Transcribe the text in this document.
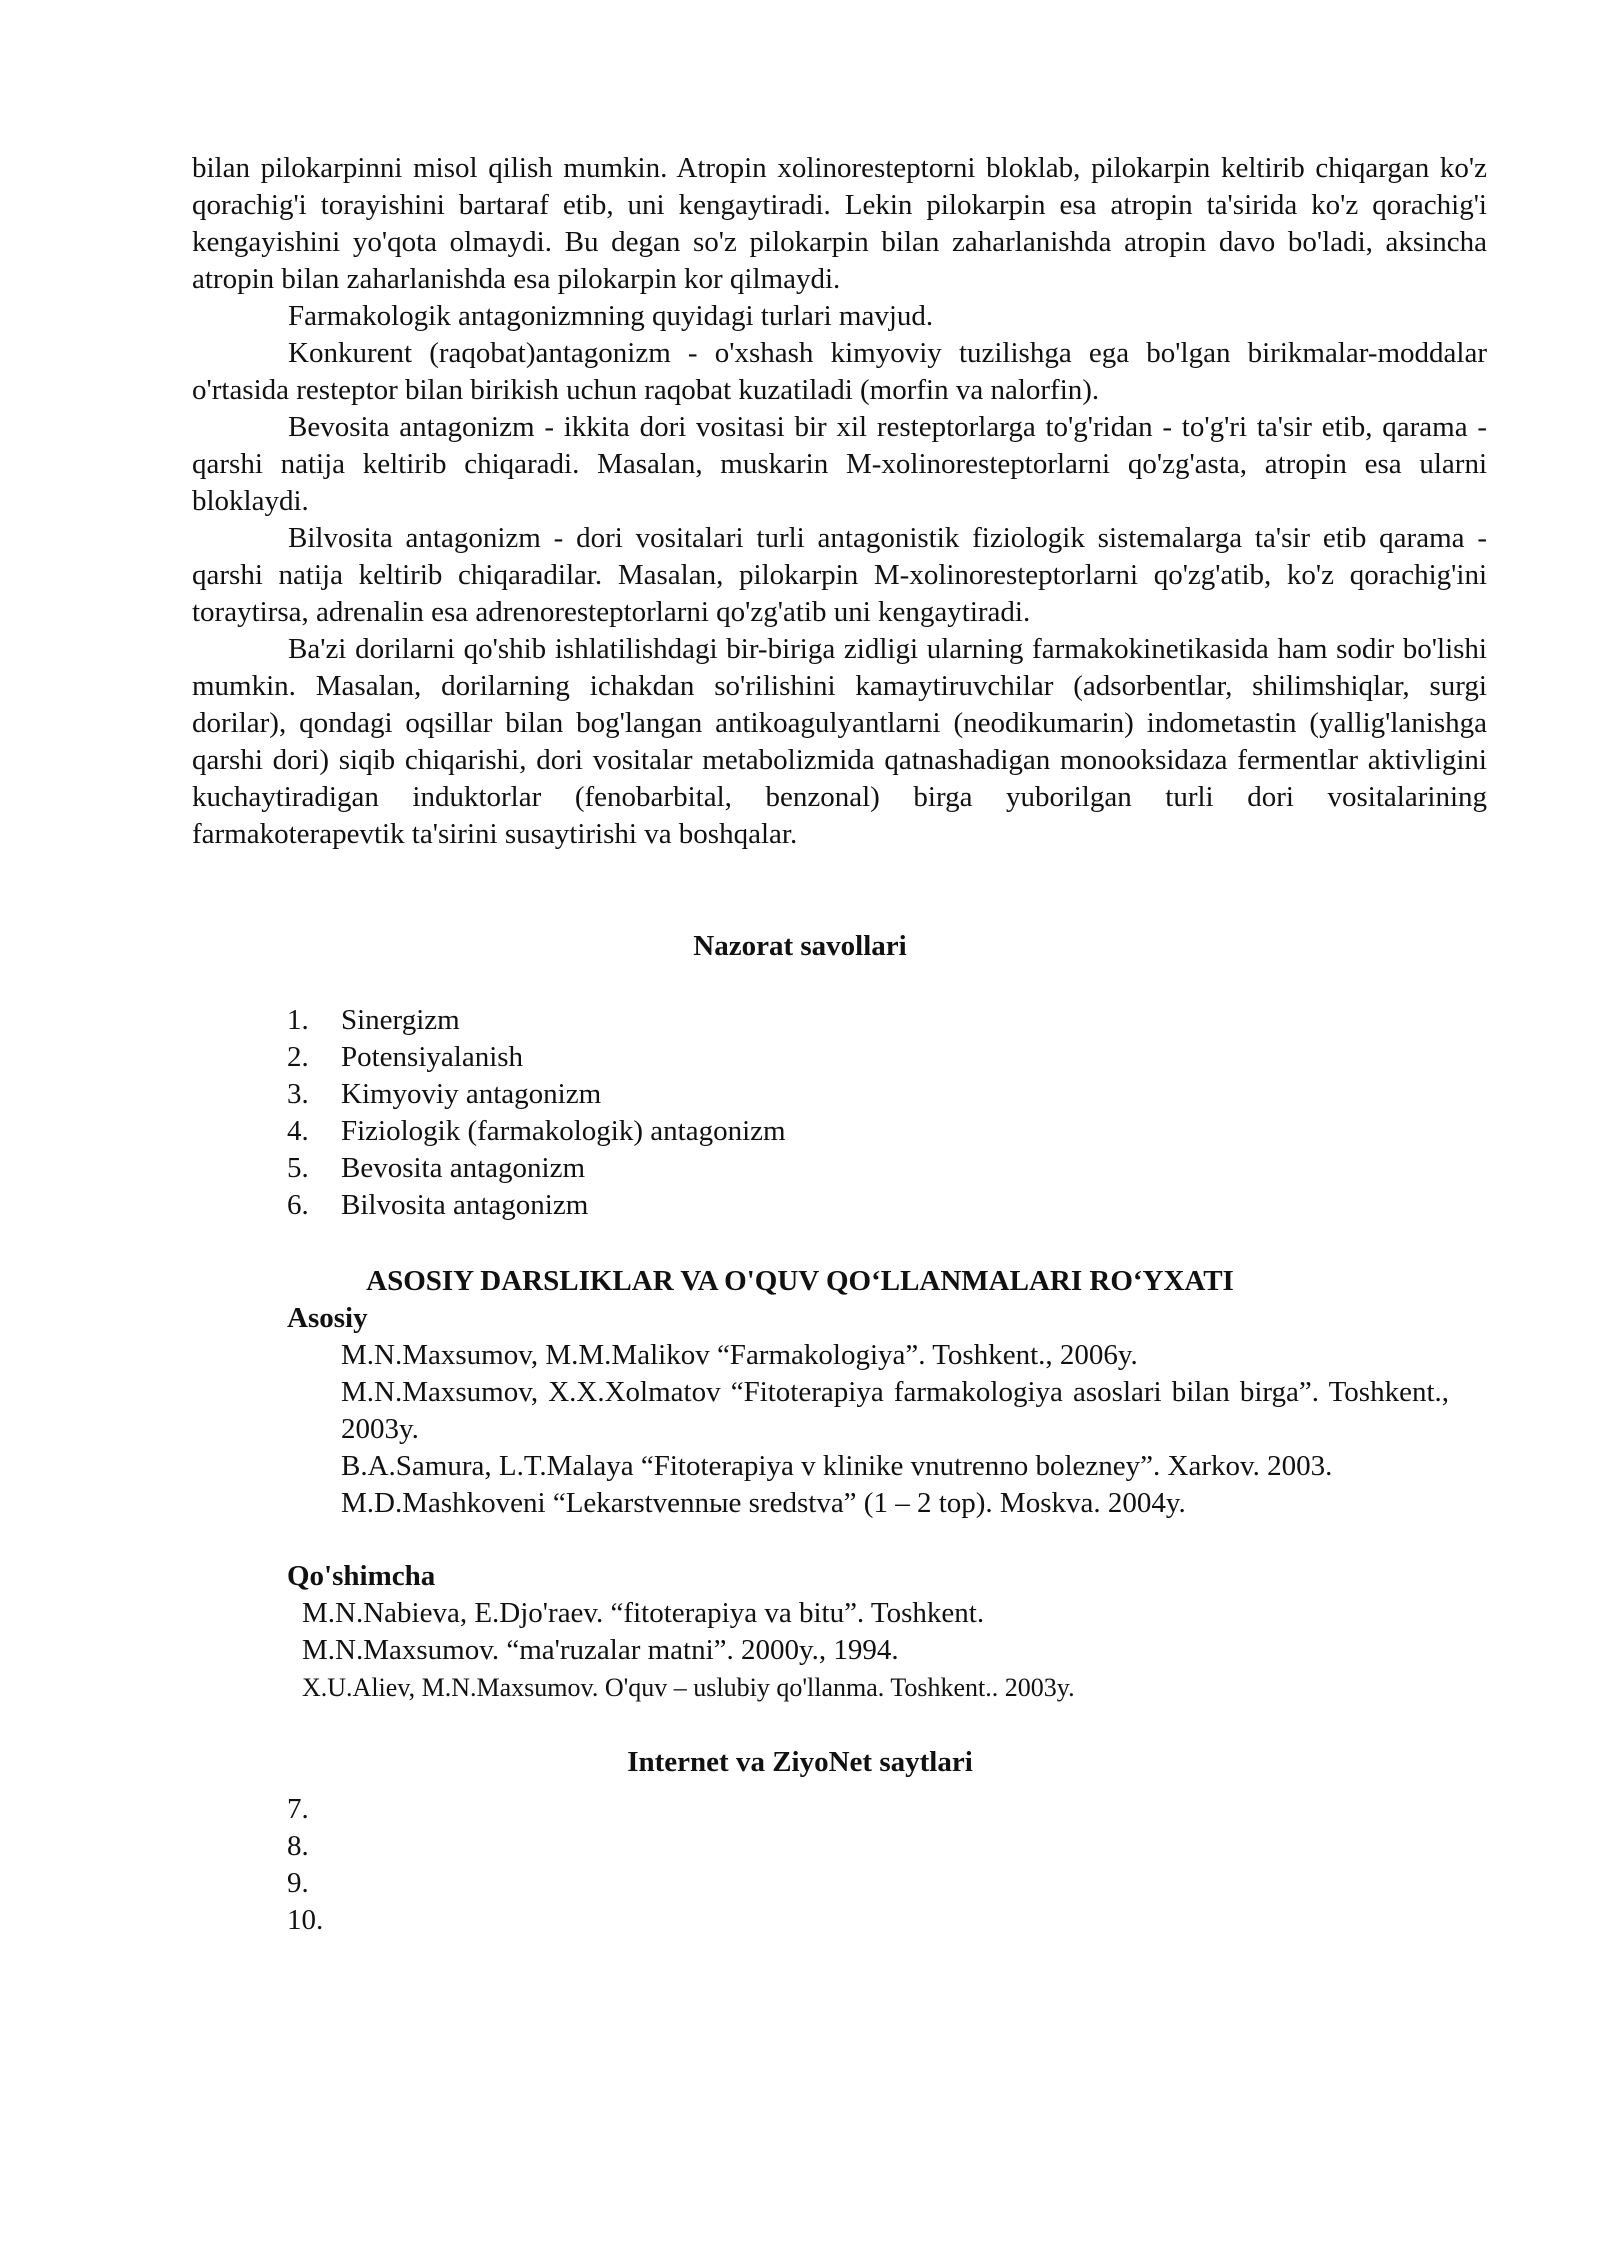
bilan pilokarpinni misol qilish mumkin. Atropin xolinoresteptorni bloklab, pilokarpin keltirib chiqargan ko'z qorachig'i torayishini bartaraf etib, uni kengaytiradi. Lekin pilokarpin esa atropin ta'sirida ko'z qorachig'i kengayishini yo'qota olmaydi. Bu degan so'z pilokarpin bilan zaharlanishda atropin davo bo'ladi, aksincha atropin bilan zaharlanishda esa pilokarpin kor qilmaydi.

Farmakologik antagonizmning quyidagi turlari mavjud.

Konkurent (raqobat)antagonizm - o'xshash kimyoviy tuzilishga ega bo'lgan birikmalar-moddalar o'rtasida resteptor bilan birikish uchun raqobat kuzatiladi (morfin va nalorfin).

Bevosita antagonizm - ikkita dori vositasi bir xil resteptorlarga to'g'ridan - to'g'ri ta'sir etib, qarama - qarshi natija keltirib chiqaradi. Masalan, muskarin M-xolinoresteptorlarni qo'zg'asta, atropin esa ularni bloklaydi.

Bilvosita antagonizm - dori vositalari turli antagonistik fiziologik sistemalarga ta'sir etib qarama - qarshi natija keltirib chiqaradilar. Masalan, pilokarpin M-xolinoresteptorlarni qo'zg'atib, ko'z qorachig'ini toraytirsa, adrenalin esa adrenoresteptorlarni qo'zg'atib uni kengaytiradi.

Ba'zi dorilarni qo'shib ishlatilishdagi bir-biriga zidligi ularning farmakokinetikasida ham sodir bo'lishi mumkin. Masalan, dorilarning ichakdan so'rilishini kamaytiruvchilar (adsorbentlar, shilimshiqlar, surgi dorilar), qondagi oqsillar bilan bog'langan antikoagulyantlarni (neodikumarin) indometastin (yallig'lanishga qarshi dori) siqib chiqarishi, dori vositalar metabolizmida qatnashadigan monooksidaza fermentlar aktivligini kuchaytiradigan induktorlar (fenobarbital, benzonal) birga yuborilgan turli dori vositalarining farmakoterapevtik ta'sirini susaytirishi va boshqalar.

Nazorat savollari
1. Sinergizm
2. Potensiyalanish
3. Kimyoviy antagonizm
4. Fiziologik (farmakologik) antagonizm
5. Bevosita antagonizm
6. Bilvosita antagonizm
ASOSIY DARSLIKLAR VA O'QUV QOʻLLANMALARI ROʻYXATI
Asosiy
M.N.Maxsumov, M.M.Malikov “Farmakologiya”. Toshkent., 2006y.
M.N.Maxsumov, X.X.Xolmatov “Fitoterapiya farmakologiya asoslari bilan birga”. Toshkent., 2003y.
B.A.Samura, L.T.Malaya “Fitoterapiya v klinike vnutrenno bolezney”. Xarkov. 2003.
M.D.Mashkoveni “Lekarstvennыe sredstva” (1 – 2 top). Moskva. 2004y.
Qo'shimcha
M.N.Nabieva, E.Djo'raev. “fitoterapiya va bitu”. Toshkent.
M.N.Maxsumov. “ma'ruzalar matni”. 2000y., 1994.
X.U.Aliev, M.N.Maxsumov. O'quv – uslubiy qo'llanma. Toshkent.. 2003y.
Internet va ZiyoNet saytlari
7.
8.
9.
10.
